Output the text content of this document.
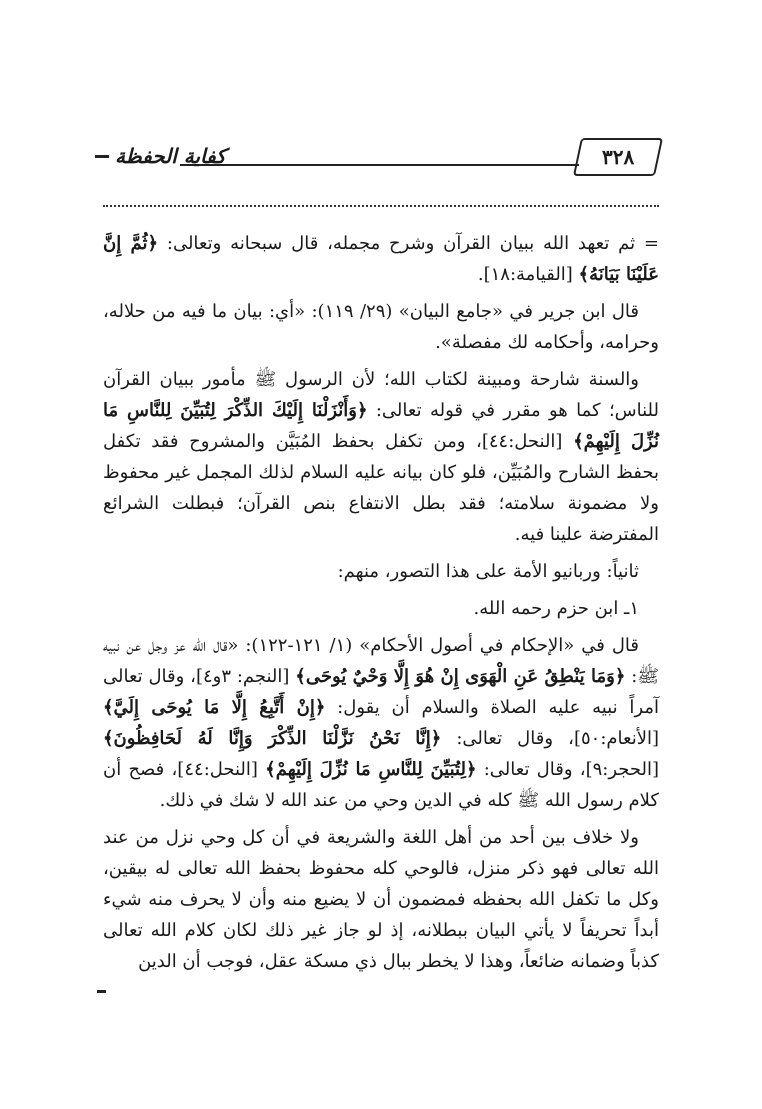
٣٢٨
كفاية الحفظة

= ثم تعهد الله ببيان القرآن وشرح مجمله، قال سبحانه وتعالى: ﴿ثُمَّ إِنَّ عَلَيْنَا بَيَانَهُ﴾ [القيامة:١٨].

قال ابن جرير في «جامع البيان» (٢٩/ ١١٩): «أي: بيان ما فيه من حلاله، وحرامه، وأحكامه لك مفصلة».

والسنة شارحة ومبينة لكتاب الله؛ لأن الرسول ﷺ مأمور ببيان القرآن للناس؛ كما هو مقرر في قوله تعالى: ﴿وَأَنْزَلْنَا إِلَيْكَ الذِّكْرَ لِتُبَيِّنَ لِلنَّاسِ مَا نُزِّلَ إِلَيْهِمْ﴾ [النحل:٤٤]، ومن تكفل بحفظ المُبَيَّن والمشروح فقد تكفل بحفظ الشارح والمُبَيِّن، فلو كان بيانه عليه السلام لذلك المجمل غير محفوظ ولا مضمونة سلامته؛ فقد بطل الانتفاع بنص القرآن؛ فبطلت الشرائع المفترضة علينا فيه.

ثانياً: وربانيو الأمة على هذا التصور، منهم:

١ـ ابن حزم رحمه الله.

قال في «الإحكام في أصول الأحكام» (١/ ١٢١-١٢٢): «قال الله عز وجل عن نبيه ﷺ: ﴿وَمَا يَنْطِقُ عَنِ الْهَوَى إِنْ هُوَ إِلَّا وَحْيٌ يُوحَى﴾ [النجم: ٣و٤]، وقال تعالى آمراً نبيه عليه الصلاة والسلام أن يقول: ﴿إِنْ أَتَّبِعُ إِلَّا مَا يُوحَى إِلَيَّ﴾ [الأنعام:٥٠]، وقال تعالى: ﴿إِنَّا نَحْنُ نَزَّلْنَا الذِّكْرَ وَإِنَّا لَهُ لَحَافِظُونَ﴾ [الحجر:٩]، وقال تعالى: ﴿لِتُبَيِّنَ لِلنَّاسِ مَا نُزِّلَ إِلَيْهِمْ﴾ [النحل:٤٤]، فصح أن كلام رسول الله ﷺ كله في الدين وحي من عند الله لا شك في ذلك.

ولا خلاف بين أحد من أهل اللغة والشريعة في أن كل وحي نزل من عند الله تعالى فهو ذكر منزل، فالوحي كله محفوظ بحفظ الله تعالى له بيقين، وكل ما تكفل الله بحفظه فمضمون أن لا يضيع منه وأن لا يحرف منه شيء أبداً تحريفاً لا يأتي البيان ببطلانه، إذ لو جاز غير ذلك لكان كلام الله تعالى كذباً وضمانه ضائعاً، وهذا لا يخطر ببال ذي مسكة عقل، فوجب أن الدين
